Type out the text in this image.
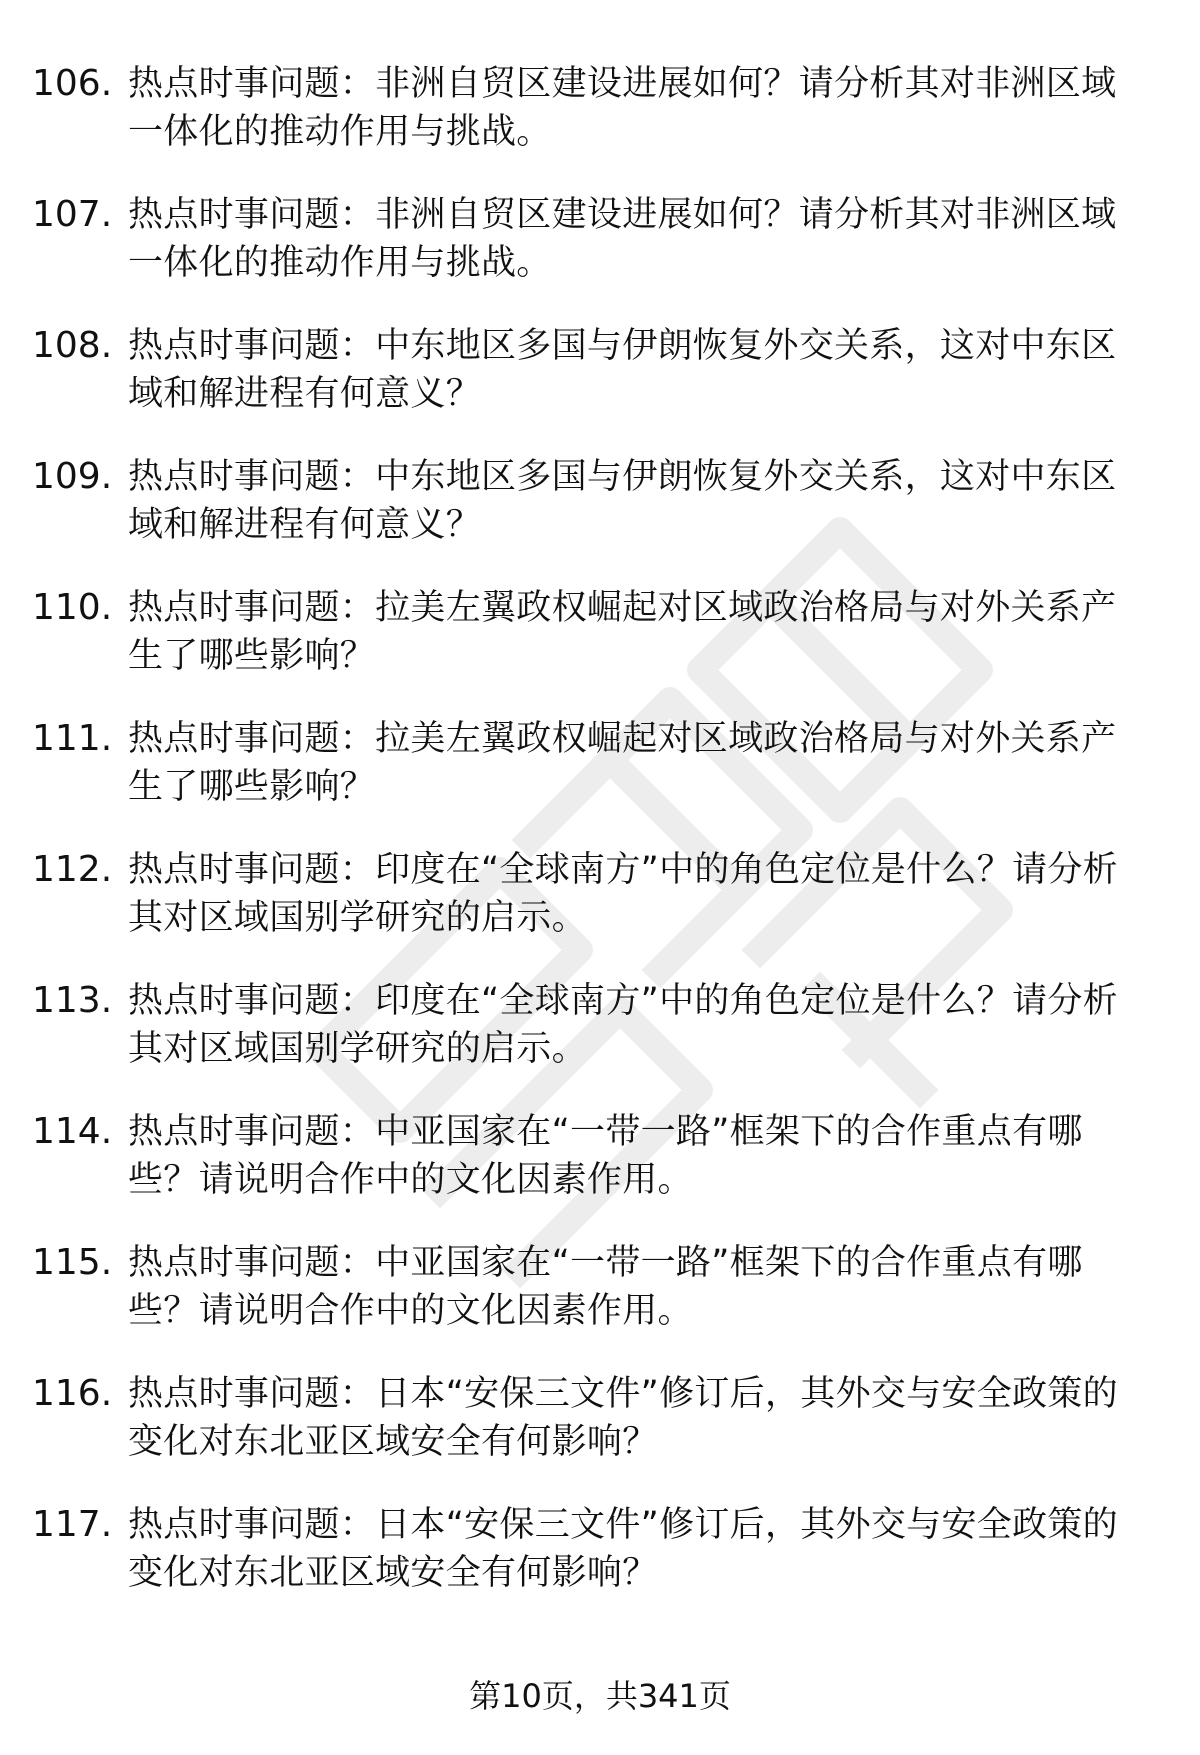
106. 热点时事问题：非洲自贸区建设进展如何？请分析其对非洲区域一体化的推动作用与挑战。
107. 热点时事问题：非洲自贸区建设进展如何？请分析其对非洲区域一体化的推动作用与挑战。
108. 热点时事问题：中东地区多国与伊朗恢复外交关系，这对中东区域和解进程有何意义？
109. 热点时事问题：中东地区多国与伊朗恢复外交关系，这对中东区域和解进程有何意义？
110. 热点时事问题：拉美左翼政权崛起对区域政治格局与对外关系产生了哪些影响？
111. 热点时事问题：拉美左翼政权崛起对区域政治格局与对外关系产生了哪些影响？
112. 热点时事问题：印度在“全球南方”中的角色定位是什么？请分析其对区域国别学研究的启示。
113. 热点时事问题：印度在“全球南方”中的角色定位是什么？请分析其对区域国别学研究的启示。
114. 热点时事问题：中亚国家在“一带一路”框架下的合作重点有哪些？请说明合作中的文化因素作用。
115. 热点时事问题：中亚国家在“一带一路”框架下的合作重点有哪些？请说明合作中的文化因素作用。
116. 热点时事问题：日本“安保三文件”修订后，其外交与安全政策的变化对东北亚区域安全有何影响？
117. 热点时事问题：日本“安保三文件”修订后，其外交与安全政策的变化对东北亚区域安全有何影响？
第10页，共341页
